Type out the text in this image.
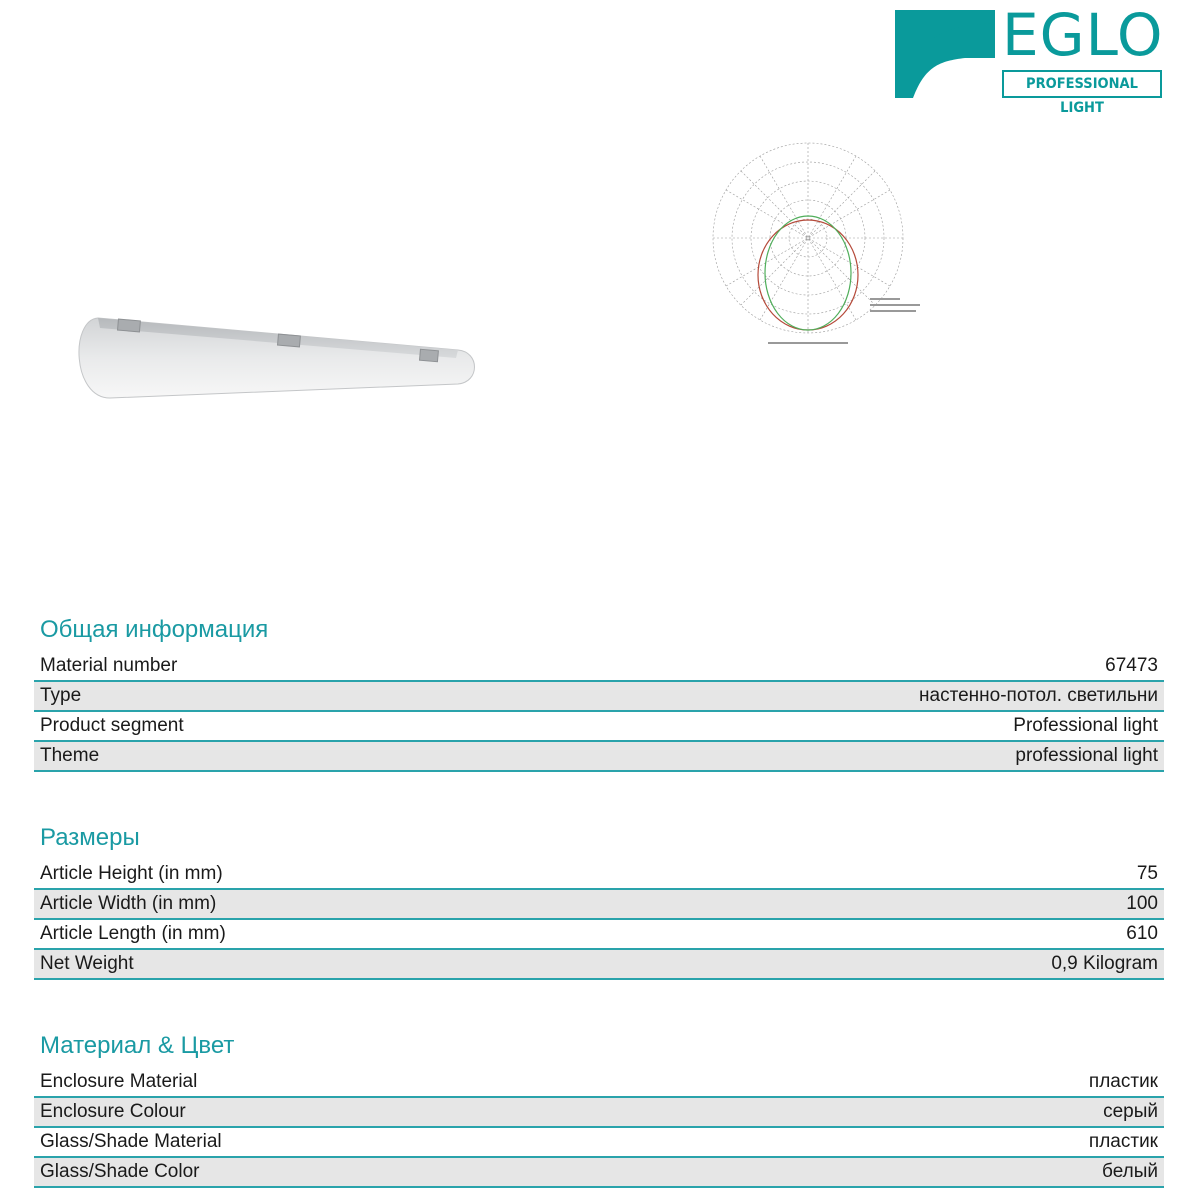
EGLO
PROFESSIONAL LIGHT
Общая информация
Material number	67473
Type	настенно-потол. светильни
Product segment	Professional light
Theme	professional light
Размеры
Article Height (in mm)	75
Article Width (in mm)	100
Article Length (in mm)	610
Net Weight	0,9 Kilogram
Материал & Цвет
Enclosure Material	пластик
Enclosure Colour	серый
Glass/Shade Material	пластик
Glass/Shade Color	белый
